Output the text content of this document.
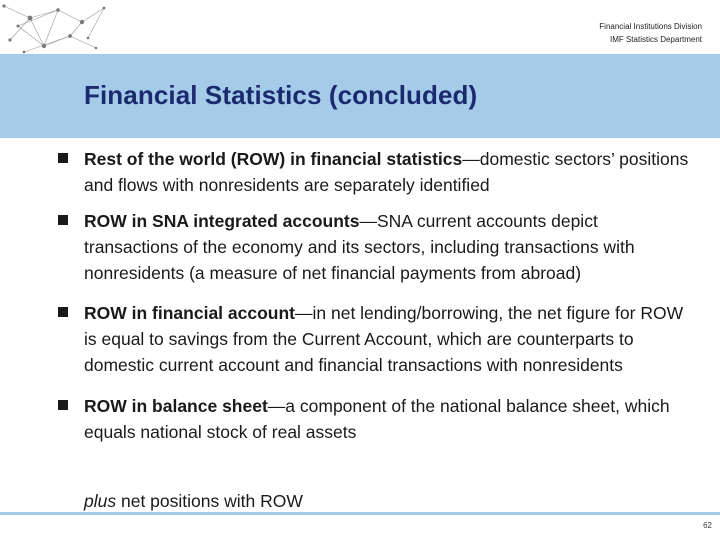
Financial Institutions Division
IMF Statistics Department
Financial Statistics (concluded)
Rest of the world (ROW) in financial statistics—domestic sectors’ positions and flows with nonresidents are separately identified
ROW in SNA integrated accounts—SNA current accounts depict transactions of the economy and its sectors, including transactions with nonresidents (a measure of net financial payments from abroad)
ROW in financial account—in net lending/borrowing, the net figure for ROW is equal to savings from the Current Account, which are counterparts to domestic current account and financial transactions with nonresidents
ROW in balance sheet—a component of the national balance sheet, which equals national stock of real assets
plus net positions with ROW
62
